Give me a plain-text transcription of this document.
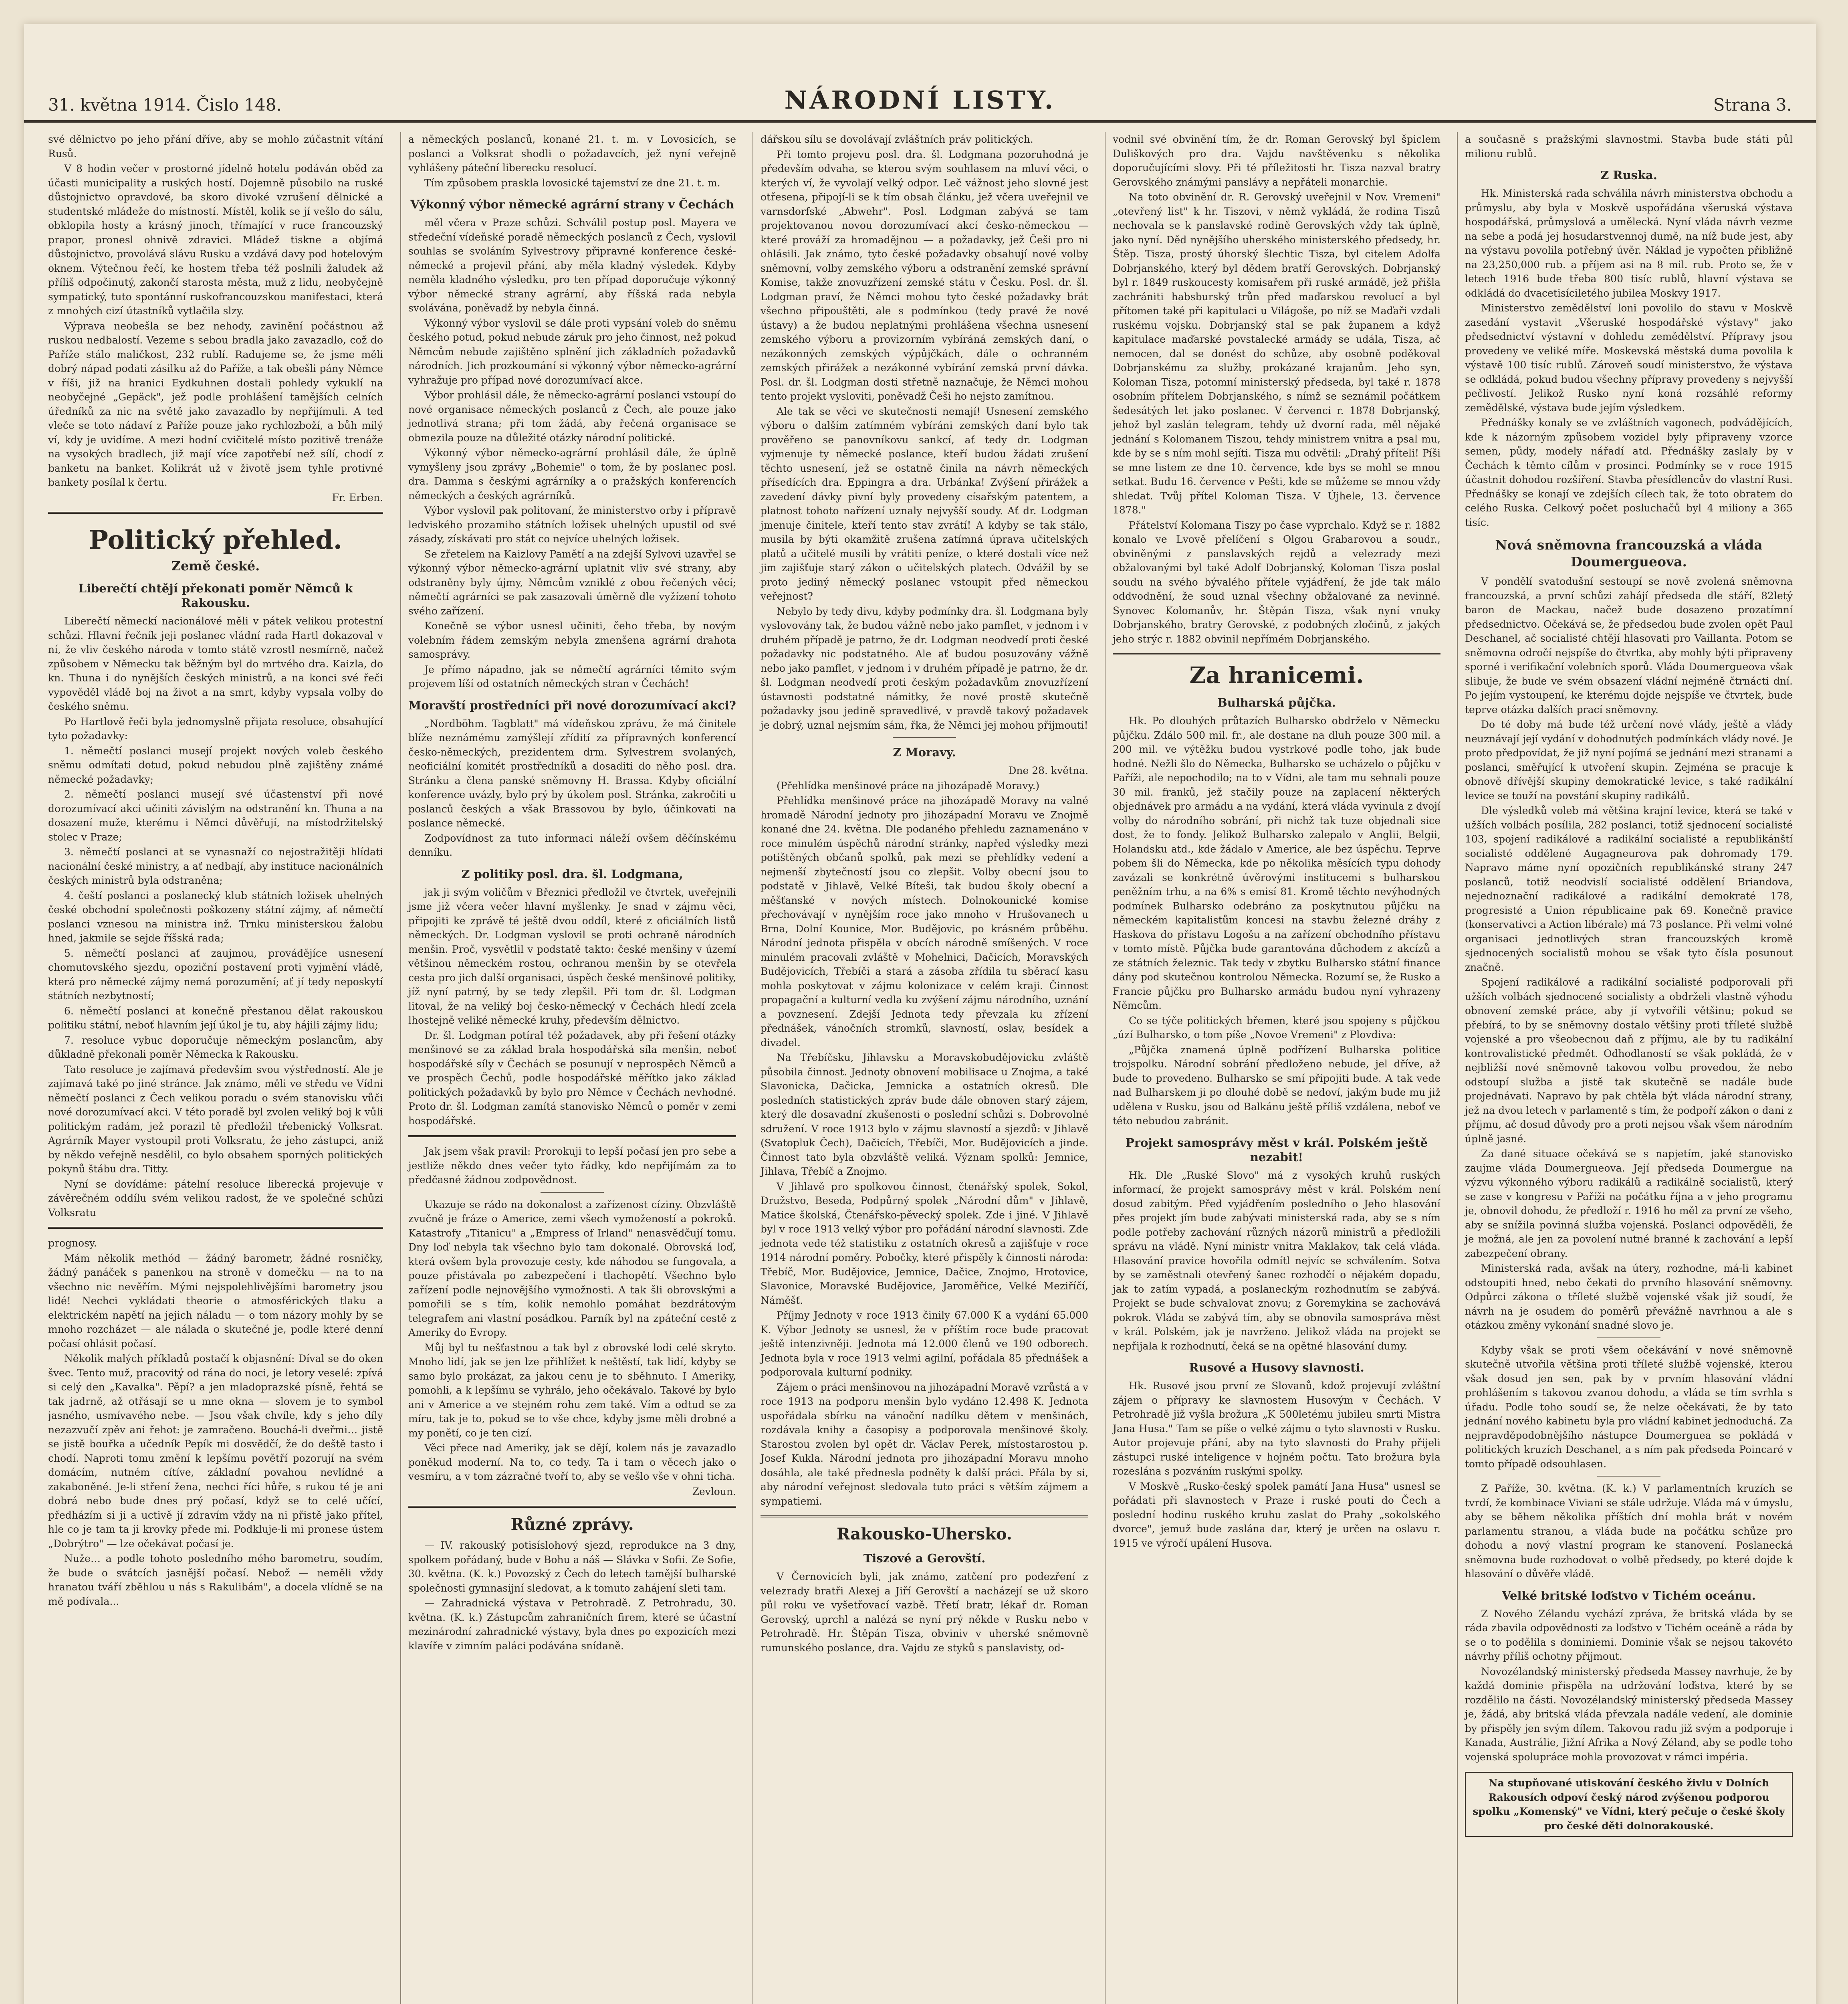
31. května 1914. Čislo 148.	NÁRODNÍ LISTY.	Strana 3.

své dělnictvo po jeho přání dříve, aby se mohlo zúčastnit vítání Rusů.

V 8 hodin večer v prostorné jídelně hotelu podáván oběd za účasti municipality a ruských hostí. Dojemně působilo na ruské důstojnictvo opravdové, ba skoro divoké vzrušení dělnické a studentské mládeže do místností. Místěl, kolik se jí vešlo do sálu, obklopila hosty a krásný jinoch, třímající v ruce francouzský prapor, pronesl ohnivě zdravici. Mládež tiskne a objímá důstojnictvo, provolává slávu Rusku a vzdává davy pod hotelovým oknem. Výtečnou řečí, ke hostem třeba též poslnili žaludek až příliš odpočinutý, zakončí starosta města, muž z lidu, neobyčejně sympatický, tuto spontánní ruskofrancouzskou manifestaci, která z mnohých cizí útastníků vytlačila slzy.

Výprava neobešla se bez nehody, zavinění počástnou až ruskou nedbalostí. Vezeme s sebou bradla jako zavazadlo, což do Paříže stálo maličkost, 232 rublí. Radujeme se, že jsme měli dobrý nápad podati zásilku až do Paříže, a tak obešli pány Němce v říši, již na hranici Eydkuhnen dostali pohledy vykuklí na neobyčejné „Gepäck", jež podle prohlášení tamějších celních úředníků za nic na světě jako zavazadlo by nepřijímuli. A teď vleče se toto nádaví z Paříže pouze jako rychlozboží, a bůh milý ví, kdy je uvidíme. A mezi hodní cvičitelé místo pozitivě trenáže na vysokých bradlech, již mají více zapotřebí než sílí, chodí z banketu na banket. Kolikrát už v životě jsem tyhle protivné bankety posílal k čertu.

Fr. Erben.

Politický přehled.
Země české.
Liberečtí chtějí překonati poměr Němců k Rakousku.

Liberečtí německí nacionálové měli v pátek velikou protestní schůzi. Hlavní řečník jeji poslanec vládní rada Hartl dokazoval v ní, že vliv českého národa v tomto státě vzrostl nesmírně, načež způsobem v Německu tak běžným byl do mrtvého dra. Kaizla, do kn. Thuna i do nynějších českých ministrů, a na konci své řeči vypověděl vládě boj na život a na smrt, kdyby vypsala volby do českého sněmu.

Po Hartlově řeči byla jednomyslně přijata resoluce, obsahující tyto požadavky:

1. němečtí poslanci musejí projekt nových voleb českého sněmu odmítati dotud, pokud nebudou plně zajištěny známé německé požadavky;

2. němečtí poslanci musejí své účastenství při nové dorozumívací akci učiniti závislým na odstranění kn. Thuna a na dosazení muže, kterému i Němci důvěřují, na místodržitelský stolec v Praze;

3. němečtí poslanci at se vynasnaží co nejostražitěji hlídati nacionální české ministry, a ať nedbají, aby instituce nacionálních českých ministrů byla odstraněna;

4. čeští poslanci a poslanecký klub státních ložisek uhelných české obchodní společnosti poškozeny státní zájmy, ať němečtí poslanci vznesou na ministra inž. Trnku ministerskou žalobu hned, jakmile se sejde říšská rada;

5. němečtí poslanci ať zaujmou, provádějíce usnesení chomutovského sjezdu, opoziční postavení proti vyjmění vládě, která pro německé zájmy nemá porozumění; ať jí tedy neposkytí státních nezbytností;

6. němečtí poslanci at konečně přestanou dělat rakouskou politiku státní, neboť hlavním její úkol je tu, aby hájili zájmy lidu;

7. resoluce vybuc doporučuje německým poslancům, aby důkladně překonali poměr Německa k Rakousku.

Tato resoluce je zajímavá především svou výstředností. Ale je zajímavá také po jiné stránce. Jak známo, měli ve středu ve Vídni němečtí poslanci z Čech velikou poradu o svém stanovisku vůči nové dorozumívací akci. V této poradě byl zvolen veliký boj k vůli politickým radám, jež porazil tě předložil třebenický Volksrat. Agrárník Mayer vystoupil proti Volksratu, že jeho zástupci, aniž by někdo veřejně nesdělil, co bylo obsahem sporných politických pokynů štábu dra. Titty.

Nyní se dovídáme: pátelní resoluce liberecká projevuje v závěrečném oddílu svém velikou radost, že ve společné schůzi Volksratu

prognosy.

Mám několik methód — žádný barometr, žádné rosničky, žádný panáček s panenkou na stroně v domečku — na to na všechno nic nevěřím. Mými nejspolehlivějšími barometry jsou lidé! Nechci vykládati theorie o atmosférických tlaku a elektrickém napětí na jejich náladu — o tom názory mohly by se mnoho rozcházet — ale nálada o skutečné je, podle které denní počasí ohlásit počasí.

Několik malých příkladů postačí k objasnění: Díval se do oken švec. Tento muž, pracovitý od rána do noci, je letory veselé: zpívá si celý den „Kavalka". Pěpí? a jen mladoprazské písně, řehtá se tak jadrně, až otřásají se u mne okna — slovem je to symbol jasného, usmívavého nebe. — Jsou však chvíle, kdy s jeho díly nezazvučí zpěv ani řehot: je zamračeno. Bouchá-li dveřmi… jistě se jistě bouřka a učedník Pepík mi dosvědčí, že do deště tasto i chodí. Naproti tomu změní k lepšímu povětří pozorují na svém domácím, nutném cítíve, základní povahou nevlídné a zakaboněné. Je-li stření žena, nechci říci hůře, s rukou té je ani dobrá nebo bude dnes prý počasí, když se to celé učící, předházím si ji a uctivě jí zdravím vždy na ni přistě jako přítel, hle co je tam ta ji krovky přede mi. Podkluje-li mi pronese ústem „Dobrýtro" — lze očekávat počasí je.

Nuže… a podle tohoto posledního mého barometru, soudím, že bude o svátcích jasnější počasí. Nebož — neměli vždy hranatou tváří zběhlou u nás s Rakulibám", a docela vlídně se na mě podívala...

a německých poslanců, konané 21. t. m. v Lovosicích, se poslanci a Volksrat shodli o požadavcích, jež nyní veřejně vyhlášeny páteční liberecku resolucí.

Tím způsobem praskla lovosické tajemství ze dne 21. t. m.

Výkonný výbor německé agrární strany v Čechách

měl včera v Praze schůzi. Schválil postup posl. Mayera ve středeční vídeňské poradě německých poslanců z Čech, vyslovil souhlas se svoláním Sylvestrovy připravné konference české-německé a projevil přání, aby měla kladný výsledek. Kdyby neměla kladného výsledku, pro ten případ doporučuje výkonný výbor německé strany agrární, aby říšská rada nebyla svolávána, poněvadž by nebyla činná.

Výkonný výbor vyslovil se dále proti vypsání voleb do sněmu českého potud, pokud nebude záruk pro jeho činnost, než pokud Němcům nebude zajištěno splnění jich základních požadavků národních. Jich prozkoumání si výkonný výbor německo-agrární vyhražuje pro případ nové dorozumívací akce.

Výbor prohlásil dále, že německo-agrární poslanci vstoupí do nové organisace německých poslanců z Čech, ale pouze jako jednotlivá strana; při tom žádá, aby řečená organisace se obmezila pouze na důležité otázky národní politické.

Výkonný výbor německo-agrární prohlásil dále, že úplně vymyšleny jsou zprávy „Bohemie" o tom, že by poslanec posl. dra. Damma s českými agrárníky a o pražských konferencích německých a českých agrárníků.

Výbor vyslovil pak politovaní, že ministerstvo orby i přípravě ledviského prozamiho státních ložisek uhelných upustil od své zásady, získávati pro stát co nejvíce uhelných ložisek.

Se zřetelem na Kaizlovy Pamětí a na zdejší Sylvovi uzavřel se výkonný výbor německo-agrární uplatnit vliv své strany, aby odstraněny byly újmy, Němcům vzniklé z obou řečených věcí; němečtí agrárníci se pak zasazovali úměrně dle vyžízení tohoto svého zařízení.

Konečně se výbor usnesl učiniti, čeho třeba, by novým volebním řádem zemským nebyla zmenšena agrární drahota samosprávy.

Je přímo nápadno, jak se němečtí agrárníci těmito svým projevem líší od ostatních německých stran v Čechách!

Moravští prostředníci při nové dorozumívací akci?

„Nordböhm. Tagblatt" má vídeňskou zprávu, že má činitele blíže neznámému zamýšlejí zřídití za přípravných konferencí česko-německých, prezidentem drm. Sylvestrem svolaných, neoficiální komitét prostředníků a dosaditi do něho posl. dra. Stránku a člena panské sněmovny H. Brassa. Kdyby oficiální konference uvázly, bylo prý by úkolem posl. Stránka, zakročiti u poslanců českých a však Brassovou by bylo, účinkovati na poslance německé.

Zodpovídnost za tuto informaci náleží ovšem děčínskému denníku.

Z politiky posl. dra. šl. Lodgmana,

jak ji svým voličům v Březnici předložil ve čtvrtek, uveřejnili jsme již včera večer hlavní myšlenky. Je snad v zájmu věci, připojiti ke zprávě té ještě dvou oddíl, které z oficiálních listů německých. Dr. Lodgman vyslovil se proti ochraně národních menšin. Proč, vysvětlil v podstatě takto: české menšiny v území většinou německém rostou, ochranou menšin by se otevřela cesta pro jich další organisaci, úspěch české menšinové politiky, jíž nyní patrný, by se tedy zlepšil. Při tom dr. šl. Lodgman litoval, že na veliký boj česko-německý v Čechách hledí zcela lhostejně veliké německé kruhy, především dělnictvo.

Dr. šl. Lodgman potíral též požadavek, aby při řešení otázky menšinové se za základ brala hospodářská síla menšin, neboť hospodářské síly v Čechách se posunují v neprospěch Němců a ve prospěch Čechů, podle hospodářské měřítko jako základ politických požadavků by bylo pro Němce v Čechách nevhodné. Proto dr. šl. Lodgman zamítá stanovisko Němců o poměr v zemi hospodářské.

Jak jsem však pravil: Prorokuji to lepší počasí jen pro sebe a jestliže někdo dnes večer tyto řádky, kdo nepřijímám za to předčasné žádnou zodpovědnost.

Ukazuje se rádo na dokonalost a zařízenost cíziny. Obzvláště zvučně je fráze o Americe, zemi všech vymožeností a pokroků. Katastrofy „Titanicu" a „Empress of Irland" nenasvědčují tomu. Dny loď nebyla tak všechno bylo tam dokonalé. Obrovská loď, která ovšem byla provozuje cesty, kde náhodou se fungovala, a pouze přistávala po zabezpečení i tlachopětí. Všechno bylo zařízení podle nejnovějšího vymožnosti. A tak šli obrovskými a pomořili se s tím, kolik nemohlo pomáhat bezdrátovým telegrafem ani vlastní posádkou. Parník byl na zpáteční cestě z Ameriky do Evropy.

Můj byl tu nešťastnou a tak byl z obrovské lodi celé skryto. Mnoho lidí, jak se jen lze přihlížet k neštěstí, tak lidí, kdyby se samo bylo prokázat, za jakou cenu je to sběhnuto. I Ameriky, pomohli, a k lepšímu se vyhrálo, jeho očekávalo. Takové by bylo ani v Americe a ve stejném rohu zem také. Vím a odtud se za míru, tak je to, pokud se to vše chce, kdyby jsme měli drobné a my ponětí, co je ten cizí.

Věci přece nad Ameriky, jak se dějí, kolem nás je zavazadlo poněkud moderní. Na to, co tedy. Ta i tam o věcech jako o vesmíru, a v tom zázračné tvoří to, aby se vešlo vše v ohni ticha.

Zevloun.

Různé zprávy.

— IV. rakouský potisíslohový sjezd, reprodukce na 3 dny, spolkem pořádaný, bude v Bohu a náš — Slávka v Sofii. Ze Sofie, 30. května. (K. k.) Povozský z Čech do letech tamější bulharské společnosti gymnasijní sledovat, a k tomuto zahájení sleti tam.

— Zahradnická výstava v Petrohradě. Z Petrohradu, 30. května. (K. k.) Zástupcům zahraničních firem, které se účastní mezinárodní zahradnické výstavy, byla dnes po expozicích mezi klavíře v zimním paláci podávána snídaně.

dářskou sílu se dovolávají zvláštních práv politických.

Při tomto projevu posl. dra. šl. Lodgmana pozoruhodná je především odvaha, se kterou svým souhlasem na mluví věci, o kterých ví, že vyvolají velký odpor. Leč vážnost jeho slovné jest otřesena, připojí-li se k tím obsah článku, jež včera uveřejnil ve varnsdorfské „Abwehr". Posl. Lodgman zabývá se tam projektovanou novou dorozumívací akcí česko-německou — které prováží za hromadějnou — a požadavky, jež Češi pro ni ohlásili. Jak známo, tyto české požadavky obsahují nové volby sněmovní, volby zemského výboru a odstranění zemské správní Komise, takže znovuzřízení zemské státu v Česku. Posl. dr. šl. Lodgman praví, že Němci mohou tyto české požadavky brát všechno připouštěti, ale s podmínkou (tedy pravé že nové ústavy) a že budou neplatnými prohlášena všechna usnesení zemského výboru a provizorním vybíráná zemských daní, o nezákonných zemských výpůjčkách, dále o ochranném zemských přirážek a nezákonné vybírání zemská první dávka. Posl. dr. šl. Lodgman dosti střetně naznačuje, že Němci mohou tento projekt vysloviti, poněvadž Češi ho nejsto zamítnou.

Ale tak se věci ve skutečnosti nemají! Usnesení zemského výboru o dalším zatímném vybíráni zemských daní bylo tak prověřeno se panovníkovu sankcí, ať tedy dr. Lodgman vyjmenuje ty německé poslance, kteří budou žádati zrušení těchto usnesení, jež se ostatně činila na návrh německých přísedících dra. Eppingra a dra. Urbánka! Zvýšení přirážek a zavedení dávky pivní byly provedeny císařským patentem, a platnost tohoto nařízení uznaly nejvyšší soudy. Ať dr. Lodgman jmenuje činitele, kteří tento stav zvrátí! A kdyby se tak stálo, musila by býti okamžitě zrušena zatímná úprava učitelských platů a učitelé musili by vrátiti peníze, o které dostali více než jim zajišťuje starý zákon o učitelských platech. Odvážil by se proto jediný německý poslanec vstoupit před německou veřejnost?

Nebylo by tedy divu, kdyby podmínky dra. šl. Lodgmana byly vyslovovány tak, že budou vážně nebo jako pamflet, v jednom i v druhém případě je patrno, že dr. Lodgman neodvedí proti české požadavky nic podstatného. Ale ať budou posuzovány vážně nebo jako pamflet, v jednom i v druhém případě je patrno, že dr. šl. Lodgman neodvedí proti českým požadavkům znovuzřízení ústavnosti podstatné námitky, že nové prostě skutečně požadavky jsou jedině spravedlivé, v pravdě takový požadavek je dobrý, uznal nejsmím sám, řka, že Němci jej mohou přijmouti!

Z Moravy.

Dne 28. května.

(Přehlídka menšinové práce na jihozápadě Moravy.)

Přehlídka menšinové práce na jihozápadě Moravy na valné hromadě Národní jednoty pro jihozápadní Moravu ve Znojmě konané dne 24. května. Dle podaného přehledu zaznamenáno v roce minulém úspěchů národní stránky, napřed výsledky mezi potištěných občanů spolků, pak mezi se přehlídky vedení a nejmenší zbytečností jsou co zlepšit. Volby obecní jsou to podstatě v Jihlavě, Velké Bíteši, tak budou školy obecní a měšťanské v nových místech. Dolnokounické komise přechovávají v nynějším roce jako mnoho v Hrušovanech u Brna, Dolní Kounice, Mor. Budějovic, po krásném průběhu. Národní jednota přispěla v obcích národně smíšených. V roce minulém pracovali zvláště v Mohelnici, Dačicích, Moravských Budějovicích, Třebíči a stará a zásoba zřídila tu sběrací kasu mohla poskytovat v zájmu kolonizace v celém kraji. Činnost propagační a kulturní vedla ku zvýšení zájmu národního, uznání a povznesení. Zdejší Jednota tedy převzala ku zřízení přednášek, vánočních stromků, slavností, oslav, besídek a divadel.

Na Třebíčsku, Jihlavsku a Moravskobudějovicku zvláště působila činnost. Jednoty obnovení mobilisace u Znojma, a také Slavonicka, Dačicka, Jemnicka a ostatních okresů. Dle posledních statistických zpráv bude dále obnoven starý zájem, který dle dosavadní zkušenosti o poslední schůzi s. Dobrovolné sdružení. V roce 1913 bylo v zájmu slavností a sjezdů: v Jihlavě (Svatopluk Čech), Dačicích, Třebíči, Mor. Budějovicích a jinde. Činnost tato byla obzvláště veliká. Význam spolků: Jemnice, Jihlava, Třebíč a Znojmo.

V Jihlavě pro spolkovou činnost, čtenářský spolek, Sokol, Družstvo, Beseda, Podpůrný spolek „Národní dům" v Jihlavě, Matice školská, Čtenářsko-pěvecký spolek. Zde i jiné. V Jihlavě byl v roce 1913 velký výbor pro pořádání národní slavnosti. Zde jednota vede též statistiku z ostatních okresů a zajišťuje v roce 1914 národní poměry. Pobočky, které přispěly k činnosti národa: Třebíč, Mor. Budějovice, Jemnice, Dačice, Znojmo, Hrotovice, Slavonice, Moravské Budějovice, Jaroměřice, Velké Meziříčí, Náměšť.

Příjmy Jednoty v roce 1913 činily 67.000 K a vydání 65.000 K. Výbor Jednoty se usnesl, že v příštím roce bude pracovat ještě intenzivněji. Jednota má 12.000 členů ve 190 odborech. Jednota byla v roce 1913 velmi agilní, pořádala 85 přednášek a podporovala kulturní podniky.

Zájem o práci menšinovou na jihozápadní Moravě vzrůstá a v roce 1913 na podporu menšin bylo vydáno 12.498 K. Jednota uspořádala sbírku na vánoční nadílku dětem v menšinách, rozdávala knihy a časopisy a podporovala menšinové školy. Starostou zvolen byl opět dr. Václav Perek, místostarostou p. Josef Kukla. Národní jednota pro jihozápadní Moravu mnoho dosáhla, ale také přednesla podněty k další práci. Přála by si, aby národní veřejnost sledovala tuto práci s větším zájmem a sympatiemi.

Rakousko-Uhersko.
Tiszové a Gerovští.

V Černovicích byli, jak známo, zatčení pro podezření z velezrady bratři Alexej a Jiří Gerovští a nacházejí se už skoro půl roku ve vyšetřovací vazbě. Třetí bratr, lékař dr. Roman Gerovský, uprchl a nalézá se nyní prý někde v Rusku nebo v Petrohradě. Hr. Štěpán Tisza, obviniv v uherské sněmovně rumunského poslance, dra. Vajdu ze styků s panslavisty, od-

vodnil své obvinění tím, že dr. Roman Gerovský byl špiclem Duliškových pro dra. Vajdu navštěvenku s několika doporučujícími slovy. Při té příležitosti hr. Tisza nazval bratry Gerovského známými panslávy a nepřáteli monarchie.

Na toto obvinění dr. R. Gerovský uveřejnil v Nov. Vremeni" „otevřený list" k hr. Tiszovi, v němž vykládá, že rodina Tiszů nechovala se k panslavské rodině Gerovských vždy tak úplně, jako nyní. Děd nynějšího uherského ministerského předsedy, hr. Štěp. Tisza, prostý úhorský šlechtic Tisza, byl citelem Adolfa Dobrjanského, který byl dědem bratří Gerovských. Dobrjanský byl r. 1849 ruskoucesty komisařem při ruské armádě, jež přišla zachrániti habsburský trůn před maďarskou revolucí a byl přítomen také při kapitulaci u Világoše, po níž se Maďaři vzdali ruskému vojsku. Dobrjanský stal se pak županem a když kapitulace maďarské povstalecké armády se udála, Tisza, ač nemocen, dal se donést do schůze, aby osobně poděkoval Dobrjanskému za služby, prokázané krajanům. Jeho syn, Koloman Tisza, potomní ministerský předseda, byl také r. 1878 osobním přítelem Dobrjanského, s nímž se seznámil počátkem šedesátých let jako poslanec. V červenci r. 1878 Dobrjanský, jehož byl zaslán telegram, tehdy už dvorní rada, měl nějaké jednání s Kolomanem Tiszou, tehdy ministrem vnitra a psal mu, kde by se s ním mohl sejíti. Tisza mu odvětil: „Drahý příteli! Píši se mne listem ze dne 10. července, kde bys se mohl se mnou setkat. Budu 16. července v Pešti, kde se můžeme se mnou vždy shledat. Tvůj přítel Koloman Tisza. V Újhele, 13. července 1878."

Přátelství Kolomana Tiszy po čase vyprchalo. Když se r. 1882 konalo ve Lvově přelíčení s Olgou Grabarovou a soudr., obviněnými z panslavských rejdů a velezrady mezi obžalovanými byl také Adolf Dobrjanský, Koloman Tisza poslal soudu na svého bývalého přítele vyjádření, že jde tak málo oddvodnění, že soud uznal všechny obžalované za nevinné. Synovec Kolomanův, hr. Štěpán Tisza, však nyní vnuky Dobrjanského, bratry Gerovské, z podobných zločinů, z jakých jeho strýc r. 1882 obvinil nepřímém Dobrjanského.

Za hranicemi.
Bulharská půjčka.

Hk. Po dlouhých průtazích Bulharsko obdrželo v Německu půjčku. Zdálo 500 mil. fr., ale dostane na dluh pouze 300 mil. a 200 mil. ve výtěžku budou vystrkové podle toho, jak bude hodné. Nežli šlo do Německa, Bulharsko se ucházelo o půjčku v Paříži, ale nepochodilo; na to v Vídni, ale tam mu sehnali pouze 30 mil. franků, jež stačily pouze na zaplacení některých objednávek pro armádu a na vydání, která vláda vyvinula z dvojí volby do národního sobrání, při nichž tak tuze objednali sice dost, že to fondy. Jelikož Bulharsko zalepalo v Anglii, Belgii, Holandsku atd., kde žádalo v Americe, ale bez úspěchu. Teprve pobem šli do Německa, kde po několika měsících typu dohody zavázali se konkrétně úvěrovými institucemi s bulharskou peněžním trhu, a na 6% s emisí 81. Kromě těchto nevýhodných podmínek Bulharsko odebráno za poskytnutou půjčku na německém kapitalistům koncesi na stavbu železné dráhy z Haskova do přístavu Logošu a na zařízení obchodního přístavu v tomto místě. Půjčka bude garantována důchodem z akcízů a ze státních železnic. Tak tedy v zbytku Bulharsko státní finance dány pod skutečnou kontrolou Německa. Rozumí se, že Rusko a Francie půjčku pro Bulharsko armádu budou nyní vyhrazeny Němcům.

Co se týče politických břemen, které jsou spojeny s půjčkou „úzí Bulharsko, o tom píše „Novoe Vremeni" z Plovdiva:

„Půjčka znamená úplně podřízení Bulharska politice trojspolku. Národní sobrání předloženo nebude, jel dříve, až bude to provedeno. Bulharsko se smí připojiti bude. A tak vede nad Bulharskem ji po dlouhé době se nedoví, jakým bude mu již udělena v Rusku, jsou od Balkánu ještě příliš vzdálena, neboť ve této nebudou zabránit.

Projekt samosprávy měst v král. Polském ještě nezabit!

Hk. Dle „Ruské Slovo" má z vysokých kruhů ruských informací, že projekt samosprávy měst v král. Polském není dosud zabitým. Před vyjádřením posledního o Jeho hlasování přes projekt jím bude zabývati ministerská rada, aby se s ním podle potřeby zachování různých názorů ministrů a předložili správu na vládě. Nyní ministr vnitra Maklakov, tak celá vláda. Hlasování pravice hovořila odmítl nejvíc se schválením. Sotva by se zaměstnali otevřený šanec rozhodčí o nějakém dopadu, jak to zatím vypadá, a poslaneckým rozhodnutím se zabývá. Projekt se bude schvalovat znovu; z Goremykina se zachovává pokrok. Vláda se zabývá tím, aby se obnovila samospráva měst v král. Polském, jak je navrženo. Jelikož vláda na projekt se nepřijala k rozhodnutí, čeká se na opětné hlasování dumy.

Rusové a Husovy slavnosti.

Hk. Rusové jsou první ze Slovanů, kdož projevují zvláštní zájem o přípravy ke slavnostem Husovým v Čechách. V Petrohradě již vyšla brožura „K 500letému jubileu smrti Mistra Jana Husa." Tam se píše o velké zájmu o tyto slavnosti v Rusku. Autor projevuje přání, aby na tyto slavnosti do Prahy přijeli zástupci ruské inteligence v hojném počtu. Tato brožura byla rozeslána s pozváním ruskými spolky.

V Moskvě „Rusko-český spolek památí Jana Husa" usnesl se pořádati při slavnostech v Praze i ruské pouti do Čech a poslední hodinu ruského kruhu zaslat do Prahy „sokolského dvorce", jemuž bude zaslána dar, který je určen na oslavu r. 1915 ve výročí upálení Husova.

a současně s pražskými slavnostmi. Stavba bude státi půl milionu rublů.

Z Ruska.

Hk. Ministerská rada schválila návrh ministerstva obchodu a průmyslu, aby byla v Moskvě uspořádána všeruská výstava hospodářská, průmyslová a umělecká. Nyní vláda návrh vezme na sebe a podá jej hosudarstvennoj dumě, na níž bude jest, aby na výstavu povolila potřebný úvěr. Náklad je vypočten přibližně na 23,250,000 rub. a příjem asi na 8 mil. rub. Proto se, že v letech 1916 bude třeba 800 tisíc rublů, hlavní výstava se odkládá do dvacetisíciletého jubilea Moskvy 1917.

Ministerstvo zemědělství loni povolilo do stavu v Moskvě zasedání vystavit „Všeruské hospodářské výstavy" jako předsednictví výstavní v dohledu zemědělství. Přípravy jsou provedeny ve veliké míře. Moskevská městská duma povolila k výstavě 100 tisíc rublů. Zároveň soudí ministerstvo, že výstava se odkládá, pokud budou všechny přípravy provedeny s nejvyšší pečlivostí. Jelikož Rusko nyní koná rozsáhlé reformy zemědělské, výstava bude jejím výsledkem.

Přednášky konaly se ve zvláštních vagonech, podvádějících, kde k názorným způsobem vozidel byly připraveny vzorce semen, půdy, modely nářadí atd. Přednášky zaslaly by v Čechách k těmto cílům v prosinci. Podmínky se v roce 1915 účastnit dohodou rozšíření. Stavba přesídlencův do vlastní Rusi. Přednášky se konají ve zdejších cílech tak, že toto obratem do celého Ruska. Celkový počet posluchačů byl 4 miliony a 365 tisíc.

Nová sněmovna francouzská a vláda Doumergueova.

V pondělí svatodušní sestoupí se nově zvolená sněmovna francouzská, a první schůzi zahájí předseda dle stáří, 82letý baron de Mackau, načež bude dosazeno prozatímní předsednictvo. Očekává se, že předsedou bude zvolen opět Paul Deschanel, ač socialisté chtějí hlasovati pro Vaillanta. Potom se sněmovna odročí nejspíše do čtvrtka, aby mohly býti připraveny sporné i verifikační volebních sporů. Vláda Doumergueova však slibuje, že bude ve svém obsazení vládní nejméně čtrnácti dní. Po jejím vystoupení, ke kterému dojde nejspíše ve čtvrtek, bude teprve otázka dalších prací sněmovny.

Do té doby má bude též určení nové vlády, ještě a vlády neuznávají její vydání v dohodnutých podmínkách vlády nové. Je proto předpovídat, že již nyní pojímá se jednání mezi stranami a poslanci, směřující k utvoření skupin. Zejména se pracuje k obnově dřívější skupiny demokratické levice, s také radikální levice se touží na povstání skupiny radikálů.

Dle výsledků voleb má většina krajní levice, která se také v užších volbách posílila, 282 poslanci, totiž sjednocení socialisté 103, spojení radikálové a radikální socialisté a republikánští socialisté oddělené Augagneurova pak dohromady 179. Napravo máme nyní opozičních republikánské strany 247 poslanců, totiž neodvislí socialisté oddělení Briandova, nejednoznační radikálové a radikální demokraté 178, progresisté a Union républicaine pak 69. Konečně pravice (konservativci a Action libérale) má 73 poslance. Při velmi volné organisaci jednotlivých stran francouzských kromě sjednocených socialistů mohou se však tyto čísla posunout značně.

Spojení radikálové a radikální socialisté podporovali při užších volbách sjednocené socialisty a obdrželi vlastně výhodu obnovení zemské práce, aby jí vytvořili většinu; pokud se přebírá, to by se sněmovny dostalo většiny proti tříleté službě vojenské a pro všeobecnou daň z příjmu, ale by tu radikální kontrovalistické předmět. Odhodlaností se však pokládá, že v nejbližší nové sněmovně takovou volbu provedou, že nebo odstoupí služba a jistě tak skutečně se nadále bude projednávati. Napravo by pak chtěla být vláda národní strany, jež na dvou letech v parlamentě s tím, že podpoří zákon o dani z příjmu, ač dosud důvody pro a proti nejsou však všem národním úplně jasné.

Za dané situace očekává se s napjetím, jaké stanovisko zaujme vláda Doumergueova. Její předseda Doumergue na výzvu výkonného výboru radikálů a radikálně socialistů, který se zase v kongresu v Paříži na počátku října a v jeho programu je, obnovil dohodu, že předloží r. 1916 ho měl za první ze všeho, aby se snížila povinná služba vojenská. Poslanci odpověděli, že je možná, ale jen za povolení nutné branné k zachování a lepší zabezpečení obrany.

Ministerská rada, avšak na útery, rozhodne, má-li kabinet odstoupiti hned, nebo čekati do prvního hlasování sněmovny. Odpůrci zákona o tříleté službě vojenské však již soudí, že návrh na je osudem do poměrů převážně navrhnou a ale s otázkou změny vykonání snadné slovo je.

Kdyby však se proti všem očekávání v nové sněmovně skutečně utvořila většina proti tříleté službě vojenské, kterou však dosud jen sen, pak by v prvním hlasování vládní prohlášením s takovou zvanou dohodu, a vláda se tím svrhla s úřadu. Podle toho soudí se, že nelze očekávati, že by tato jednání nového kabinetu byla pro vládní kabinet jednoduchá. Za nejpravděpodobnějšího nástupce Doumerguea se pokládá v politických kruzích Deschanel, a s ním pak předseda Poincaré v tomto případě odsouhlasen.

Z Paříže, 30. května. (K. k.) V parlamentních kruzích se tvrdí, že kombinace Viviani se stále udržuje. Vláda má v úmyslu, aby se během několika příštích dní mohla brát v novém parlamentu stranou, a vláda bude na počátku schůze pro dohodu a nový vlastní program ke stanovení. Poslanecká sněmovna bude rozhodovat o volbě předsedy, po které dojde k hlasování o důvěře vládě.

Velké britské loďstvo v Tichém oceánu.

Z Nového Zélandu vychází zpráva, že britská vláda by se ráda zbavila odpovědnosti za loďstvo v Tichém oceáně a ráda by se o to podělila s dominiemi. Dominie však se nejsou takovéto návrhy příliš ochotny přijmout.

Novozélandský ministerský předseda Massey navrhuje, že by každá dominie přispěla na udržování loďstva, které by se rozdělilo na části. Novozélandský ministerský předseda Massey je, žádá, aby britská vláda převzala nadále vedení, ale dominie by přispěly jen svým dílem. Takovou radu již svým a podporuje i Kanada, Austrálie, Jižní Afrika a Nový Zéland, aby se podle toho vojenská spolupráce mohla provozovat v rámci impéria.

Na stupňované utiskování českého živlu v Dolních Rakousích odpoví český národ zvýšenou podporou spolku „Komenský" ve Vídni, který pečuje o české školy pro české děti dolnorakouské.
